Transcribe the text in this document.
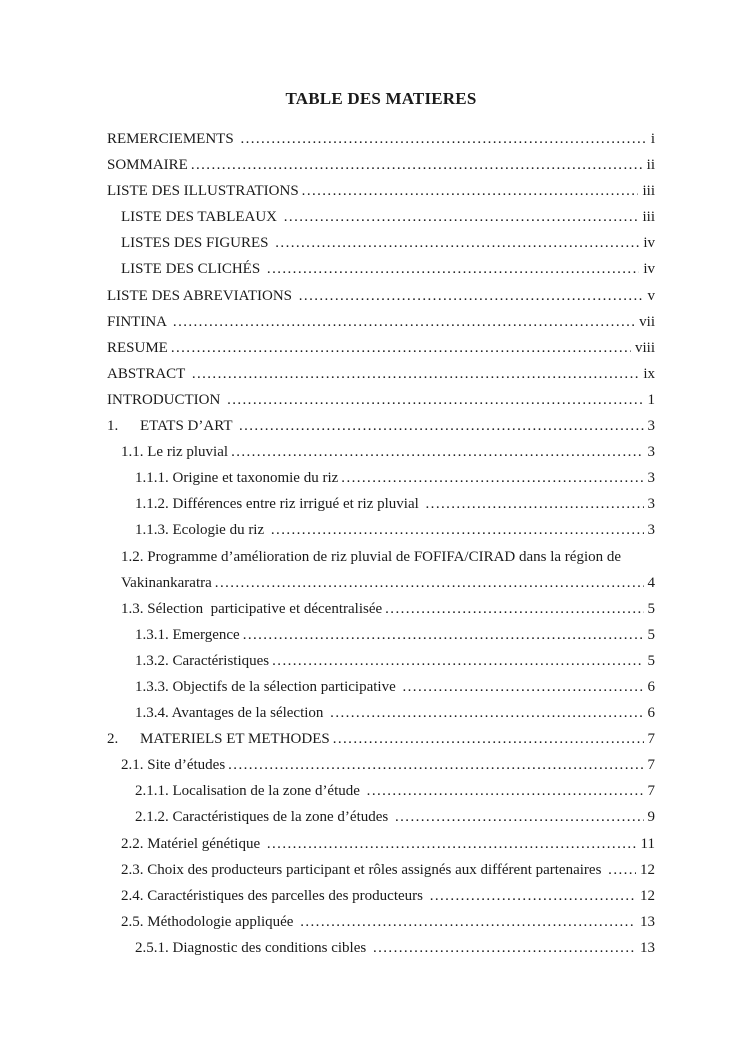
TABLE DES MATIERES
REMERCIEMENTS .....	i
SOMMAIRE .....	ii
LISTE DES ILLUSTRATIONS .....	iii
LISTE DES TABLEAUX .....	iii
LISTES DES FIGURES .....	iv
LISTE DES CLICHÉS .....	iv
LISTE DES ABREVIATIONS .....	v
FINTINA .....	vii
RESUME .....	viii
ABSTRACT .....	ix
INTRODUCTION .....	1
1.	ETATS D’ART .....	3
1.1. Le riz pluvial .....	3
1.1.1. Origine et taxonomie du riz .....	3
1.1.2. Différences entre riz irrigué et riz pluvial .....	3
1.1.3. Ecologie du riz .....	3
1.2. Programme d’amélioration de riz pluvial de FOFIFA/CIRAD dans la région de
Vakinankaratra .....	4
1.3. Sélection  participative et décentralisée .....	5
1.3.1. Emergence .....	5
1.3.2. Caractéristiques .....	5
1.3.3. Objectifs de la sélection participative .....	6
1.3.4. Avantages de la sélection .....	6
2.	MATERIELS ET METHODES .....	7
2.1. Site d’études .....	7
2.1.1. Localisation de la zone d’étude .....	7
2.1.2. Caractéristiques de la zone d’études .....	9
2.2. Matériel génétique .....	11
2.3. Choix des producteurs participant et rôles assignés aux différent partenaires ..... 12
2.4. Caractéristiques des parcelles des producteurs .....	12
2.5. Méthodologie appliquée .....	13
2.5.1. Diagnostic des conditions cibles .....	13
